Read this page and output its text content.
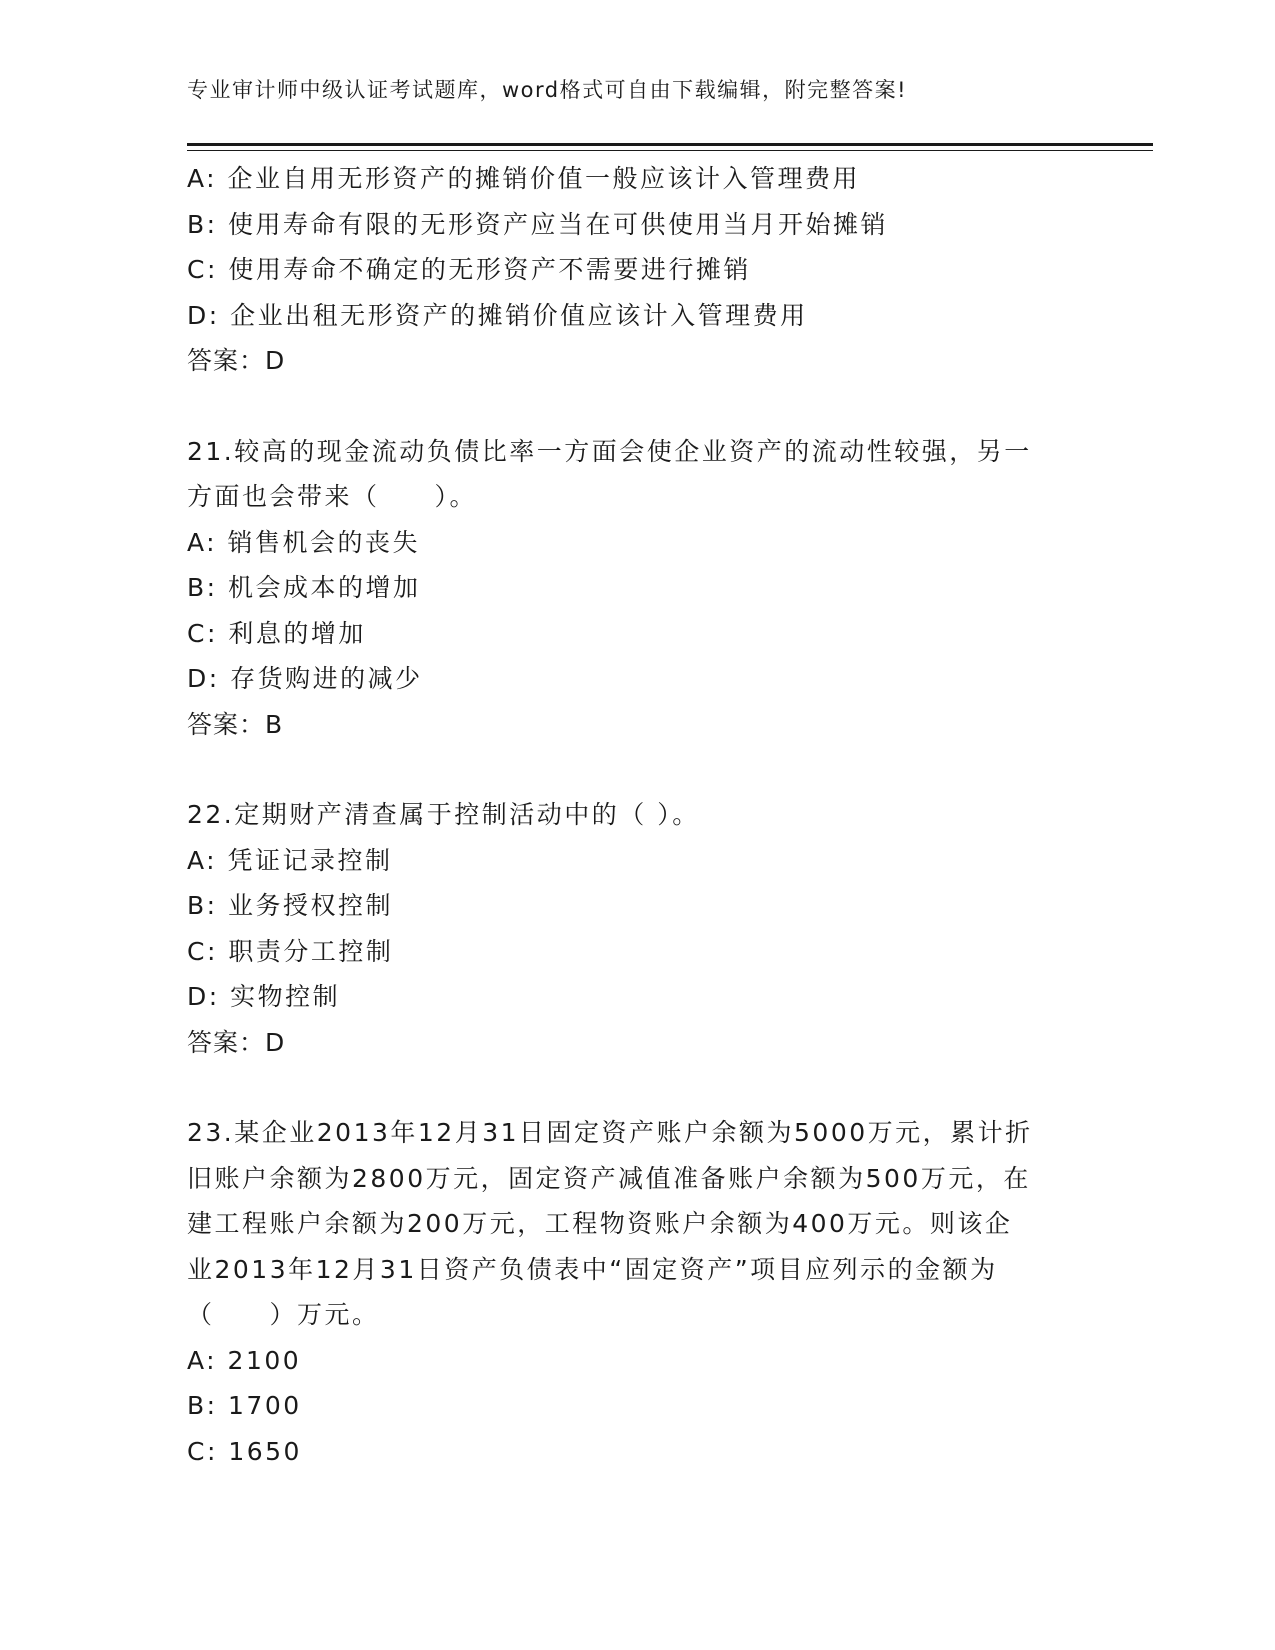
专业审计师中级认证考试题库，word格式可自由下载编辑，附完整答案!
A: 企业自用无形资产的摊销价值一般应该计入管理费用
B: 使用寿命有限的无形资产应当在可供使用当月开始摊销
C: 使用寿命不确定的无形资产不需要进行摊销
D: 企业出租无形资产的摊销价值应该计入管理费用
答案：D
21.较高的现金流动负债比率一方面会使企业资产的流动性较强，另一
方面也会带来（　　）。
A: 销售机会的丧失
B: 机会成本的增加
C: 利息的增加
D: 存货购进的减少
答案：B
22.定期财产清查属于控制活动中的（ ）。
A: 凭证记录控制
B: 业务授权控制
C: 职责分工控制
D: 实物控制
答案：D
23.某企业2013年12月31日固定资产账户余额为5000万元，累计折
旧账户余额为2800万元，固定资产减值准备账户余额为500万元，在
建工程账户余额为200万元，工程物资账户余额为400万元。则该企
业2013年12月31日资产负债表中“固定资产”项目应列示的金额为
（　　）万元。
A: 2100
B: 1700
C: 1650
